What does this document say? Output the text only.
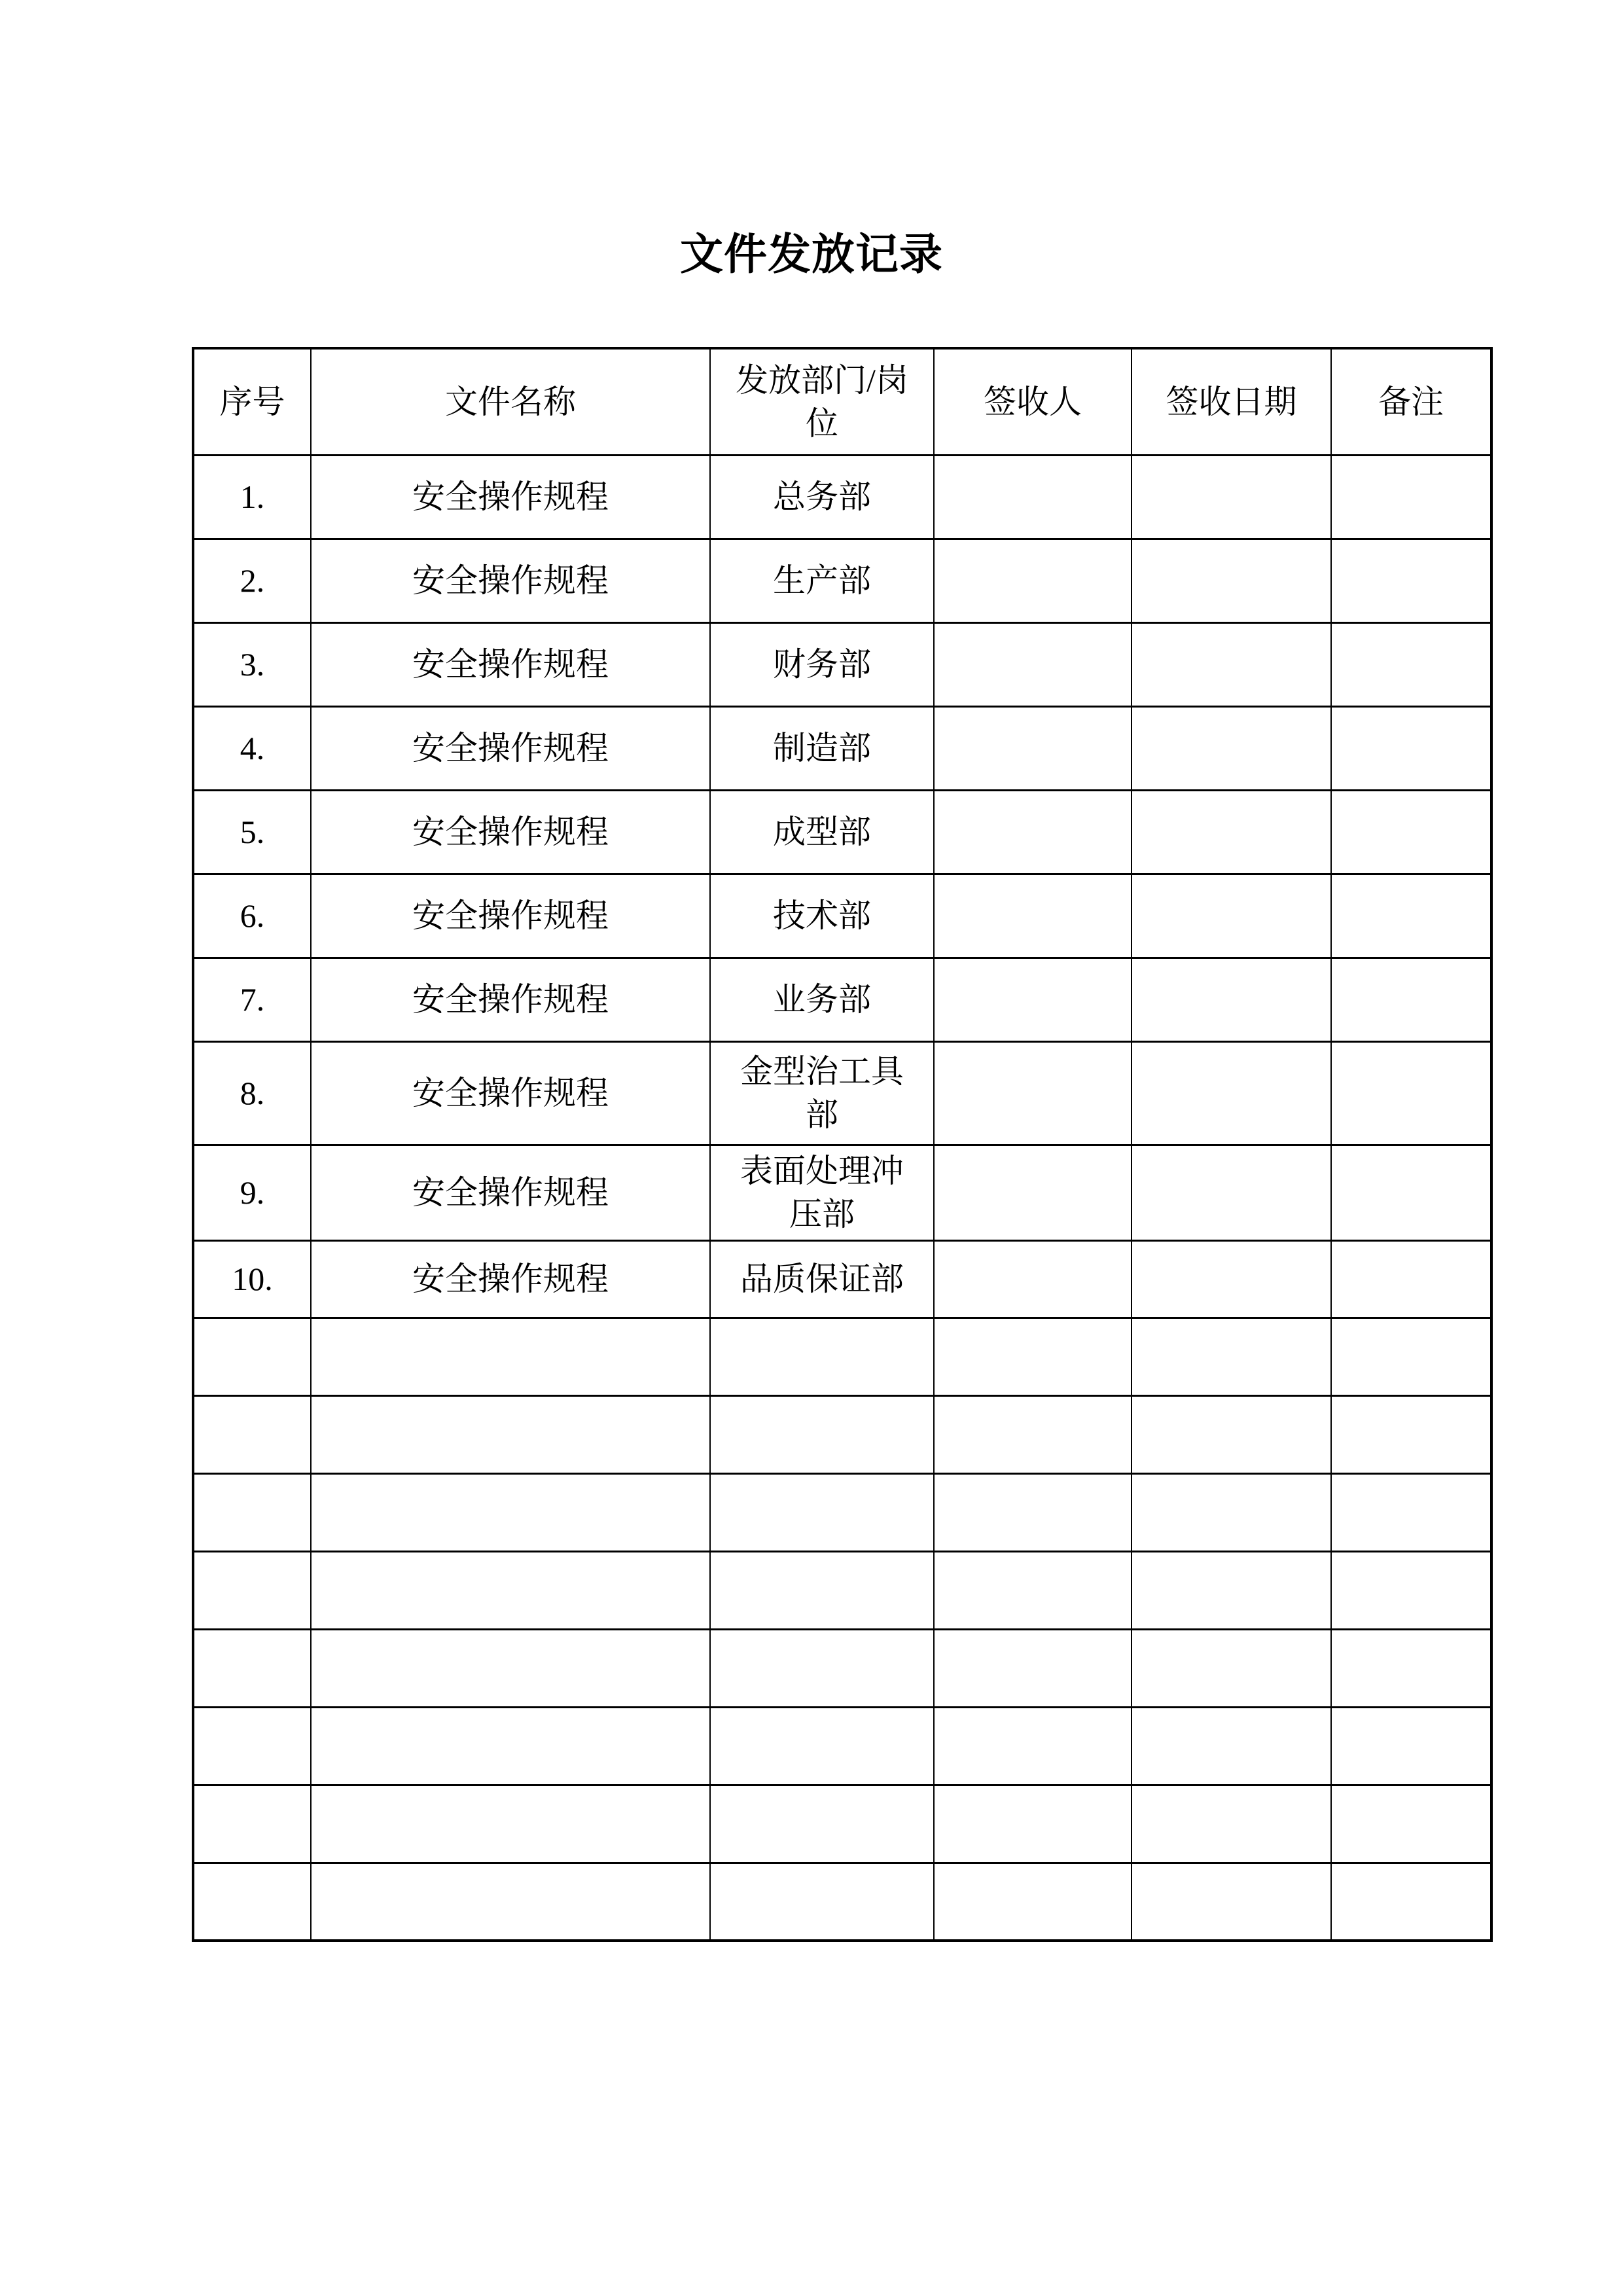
文件发放记录
序号	文件名称	发放部门/岗位	签收人	签收日期	备注
1.	安全操作规程	总务部			
2.	安全操作规程	生产部			
3.	安全操作规程	财务部			
4.	安全操作规程	制造部			
5.	安全操作规程	成型部			
6.	安全操作规程	技术部			
7.	安全操作规程	业务部			
8.	安全操作规程	金型治工具部			
9.	安全操作规程	表面处理冲压部			
10.	安全操作规程	品质保证部			
